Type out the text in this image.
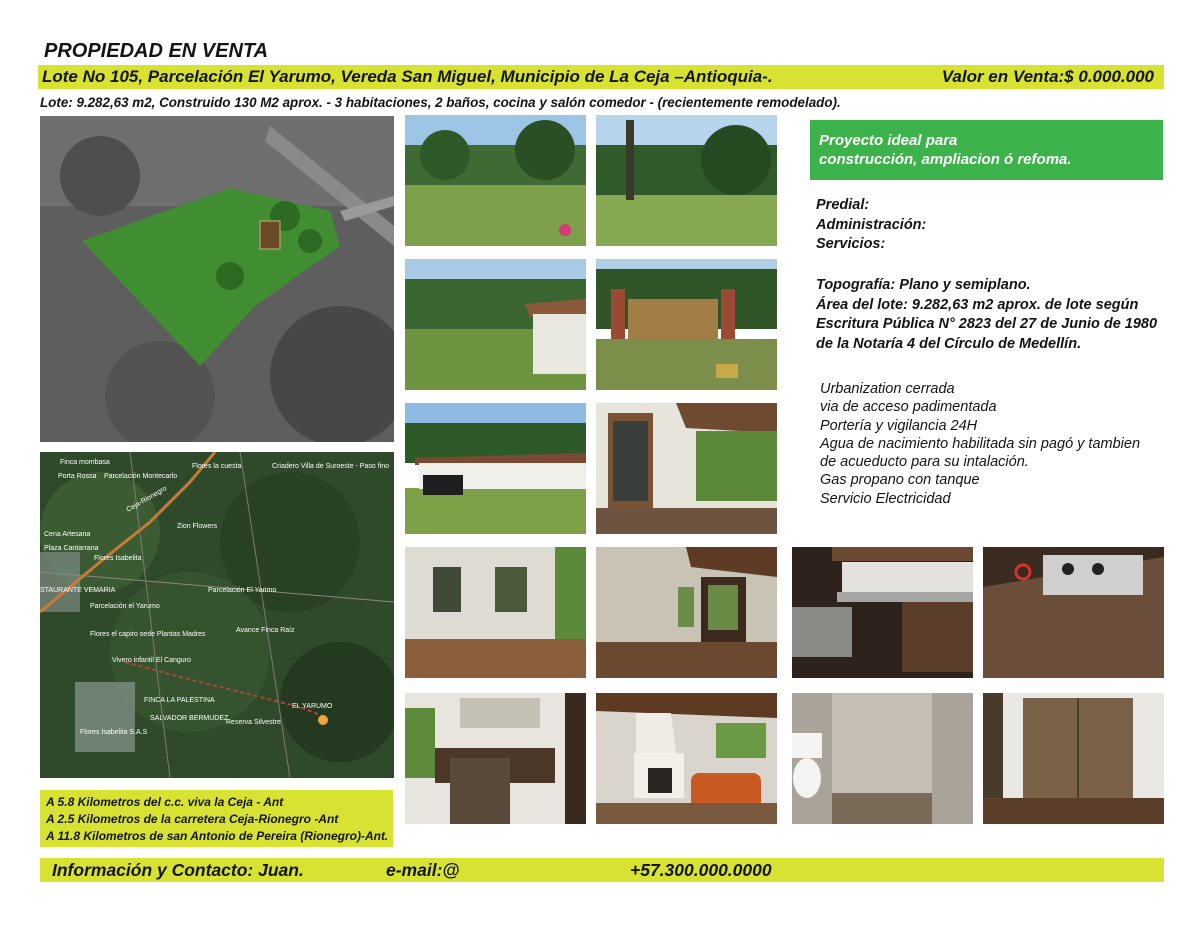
PROPIEDAD EN VENTA
Lote No 105, Parcelación El Yarumo, Vereda San Miguel, Municipio de La Ceja –Antioquia-.	Valor en Venta:$ 0.000.000
Lote: 9.282,63 m2, Construido 130 M2 aprox. - 3 habitaciones, 2 baños, cocina y salón comedor - (recientemente remodelado).
Finca mombasa
Porta Rossa Parcelación Montecarlo
Flores la cuesta	Criadero Villa de Suroeste - Paso fino
Zion Flowers
Ceja-Rionegro
Cena Artesana
Plaza Cantarrana
Flores Isabelita
Parcelación El Yarimo
Parcelación el Yarumo
Avance Finca Raíz
Flores el capiro sede Plantas Madres
Vivero infantil El Canguro
FINCA LA PALESTINA
SALVADOR BERMUDEZ
Reserva Silvestre
EL YARUMO
Flores Isabelita S.A.S
STAURANTE VEMARIA
Proyecto ideal para
construcción, ampliacion ó refoma.
Predial:
Administración:
Servicios:
Topografía: Plano y semiplano.
Área del lote: 9.282,63 m2 aprox. de lote según
Escritura Pública N° 2823 del 27 de Junio de 1980
de la Notaría 4 del Círculo de Medellín.
Urbanization cerrada
via de acceso padimentada
Portería y vigilancia 24H
Agua de nacimiento habilitada sin pagó y tambien
de acueducto para su intalación.
Gas propano con tanque
Servicio Electricidad
A 5.8 Kilometros del c.c. viva la Ceja - Ant
A 2.5 Kilometros de la carretera Ceja-Rionegro -Ant
A 11.8 Kilometros de san Antonio de Pereira (Rionegro)-Ant.
Información y Contacto: Juan.	e-mail:@	+57.300.000.0000
